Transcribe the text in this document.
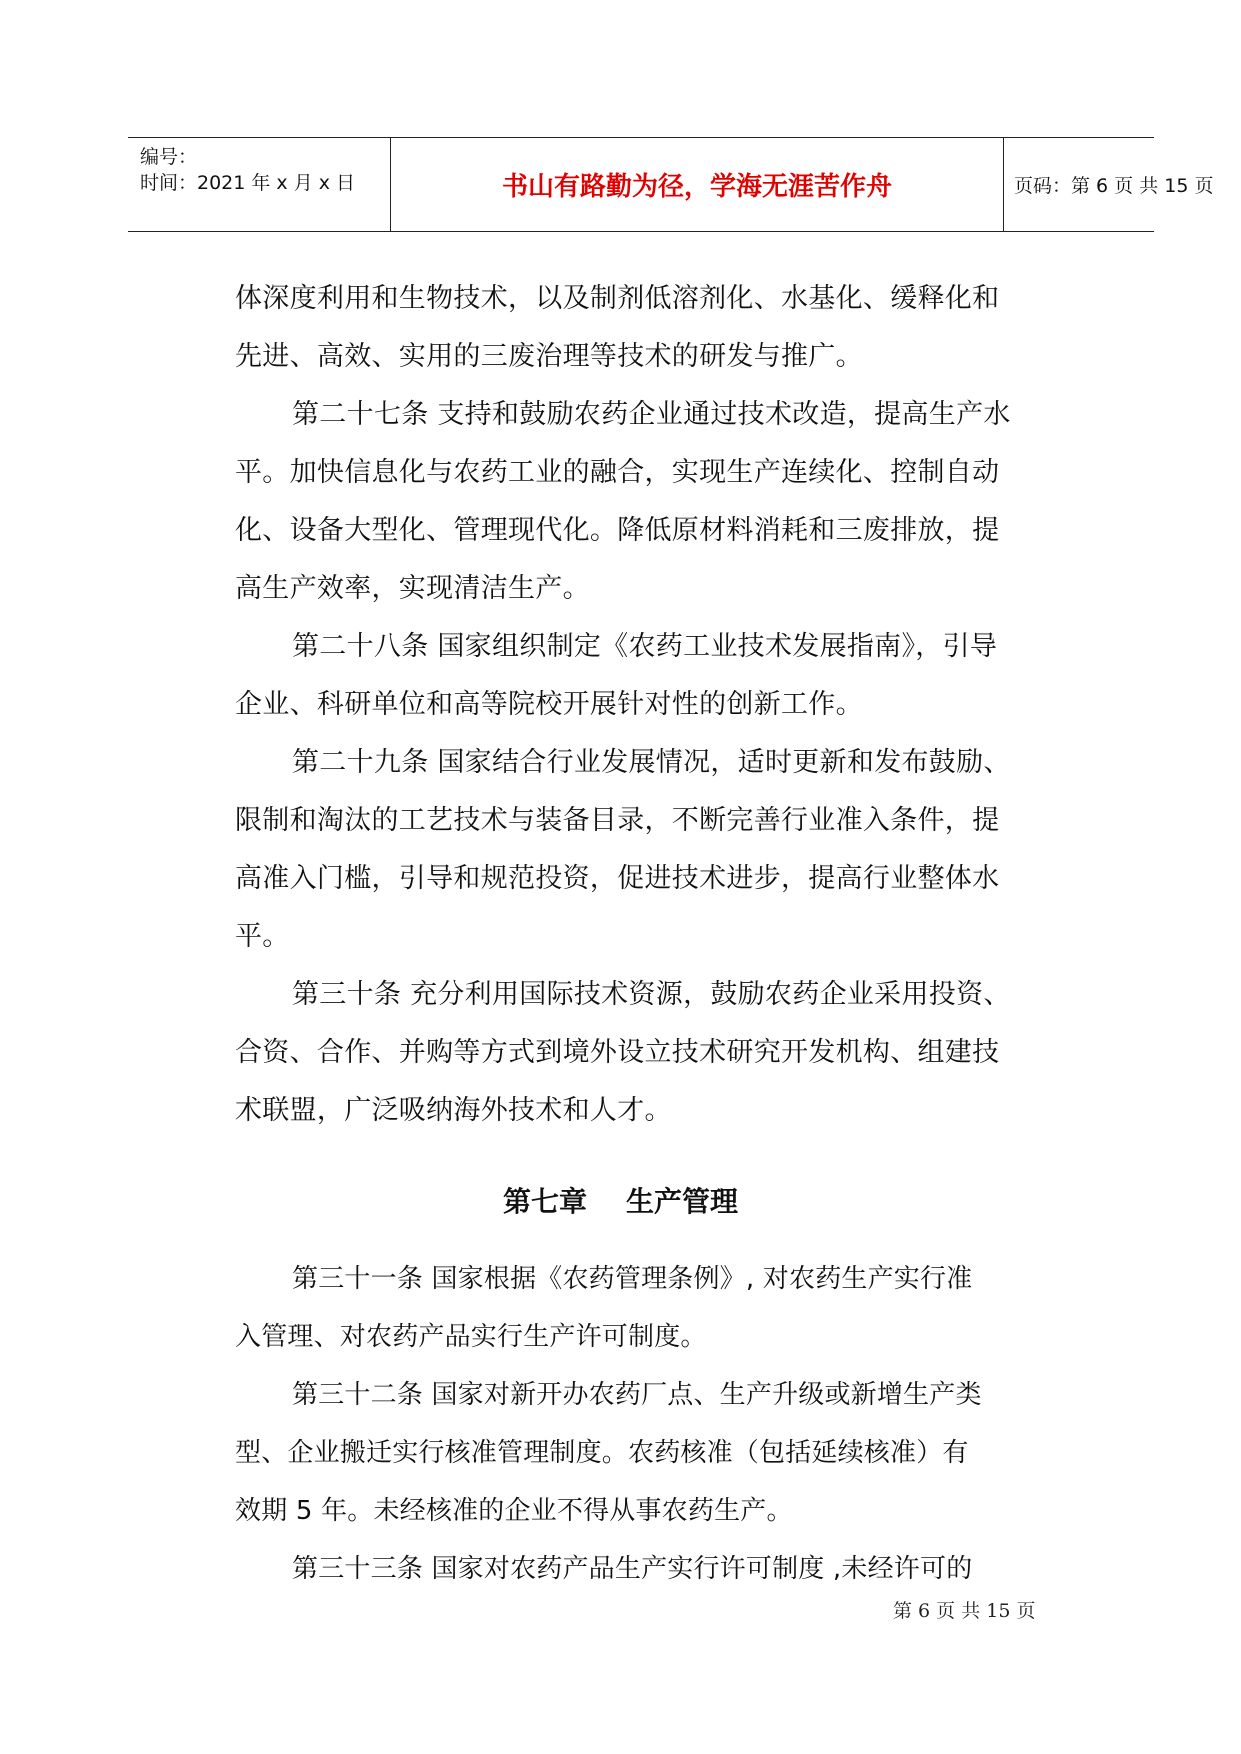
编号：
时间：2021 年 x 月 x 日	书山有路勤为径，学海无涯苦作舟	页码：第 6 页 共 15 页
体深度利用和生物技术，以及制剂低溶剂化、水基化、缓释化和
先进、高效、实用的三废治理等技术的研发与推广。
第二十七条 支持和鼓励农药企业通过技术改造，提高生产水
平。加快信息化与农药工业的融合，实现生产连续化、控制自动
化、设备大型化、管理现代化。降低原材料消耗和三废排放，提
高生产效率，实现清洁生产。
第二十八条 国家组织制定《农药工业技术发展指南》，引导
企业、科研单位和高等院校开展针对性的创新工作。
第二十九条 国家结合行业发展情况，适时更新和发布鼓励、
限制和淘汰的工艺技术与装备目录，不断完善行业准入条件，提
高准入门槛，引导和规范投资，促进技术进步，提高行业整体水
平。
第三十条 充分利用国际技术资源，鼓励农药企业采用投资、
合资、合作、并购等方式到境外设立技术研究开发机构、组建技
术联盟，广泛吸纳海外技术和人才。
第七章    生产管理
第三十一条 国家根据《农药管理条例》, 对农药生产实行准
入管理、对农药产品实行生产许可制度。
第三十二条 国家对新开办农药厂点、生产升级或新增生产类
型、企业搬迁实行核准管理制度。农药核准（包括延续核准）有
效期 5 年。未经核准的企业不得从事农药生产。
第三十三条 国家对农药产品生产实行许可制度 ,未经许可的
第 6 页 共 15 页
